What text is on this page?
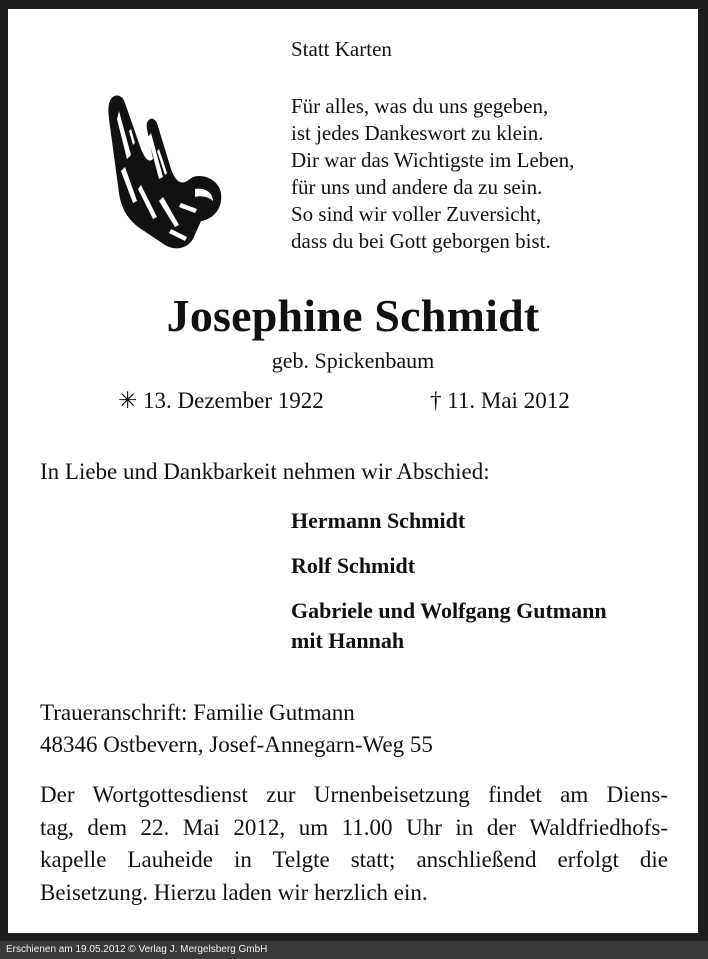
Statt Karten
Für alles, was du uns gegeben,
ist jedes Dankeswort zu klein.
Dir war das Wichtigste im Leben,
für uns und andere da zu sein.
So sind wir voller Zuversicht,
dass du bei Gott geborgen bist.
Josephine Schmidt
geb. Spickenbaum
✳ 13. Dezember 1922	† 11. Mai 2012
In Liebe und Dankbarkeit nehmen wir Abschied:
Hermann Schmidt
Rolf Schmidt
Gabriele und Wolfgang Gutmann
mit Hannah
Traueranschrift: Familie Gutmann
48346 Ostbevern, Josef-Annegarn-Weg 55
Der Wortgottesdienst zur Urnenbeisetzung findet am Diens-
tag, dem 22. Mai 2012, um 11.00 Uhr in der Waldfriedhofs-
kapelle Lauheide in Telgte statt; anschließend erfolgt die
Beisetzung. Hierzu laden wir herzlich ein.
Erschienen am 19.05.2012 © Verlag J. Mergelsberg GmbH
